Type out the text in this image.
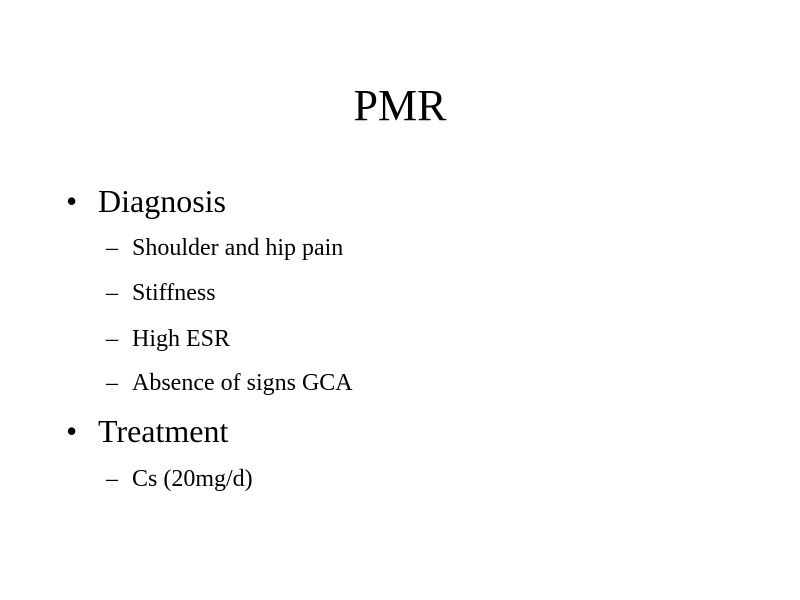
PMR
• Diagnosis
– Shoulder and hip pain
– Stiffness
– High ESR
– Absence of signs GCA
• Treatment
– Cs (20mg/d)
